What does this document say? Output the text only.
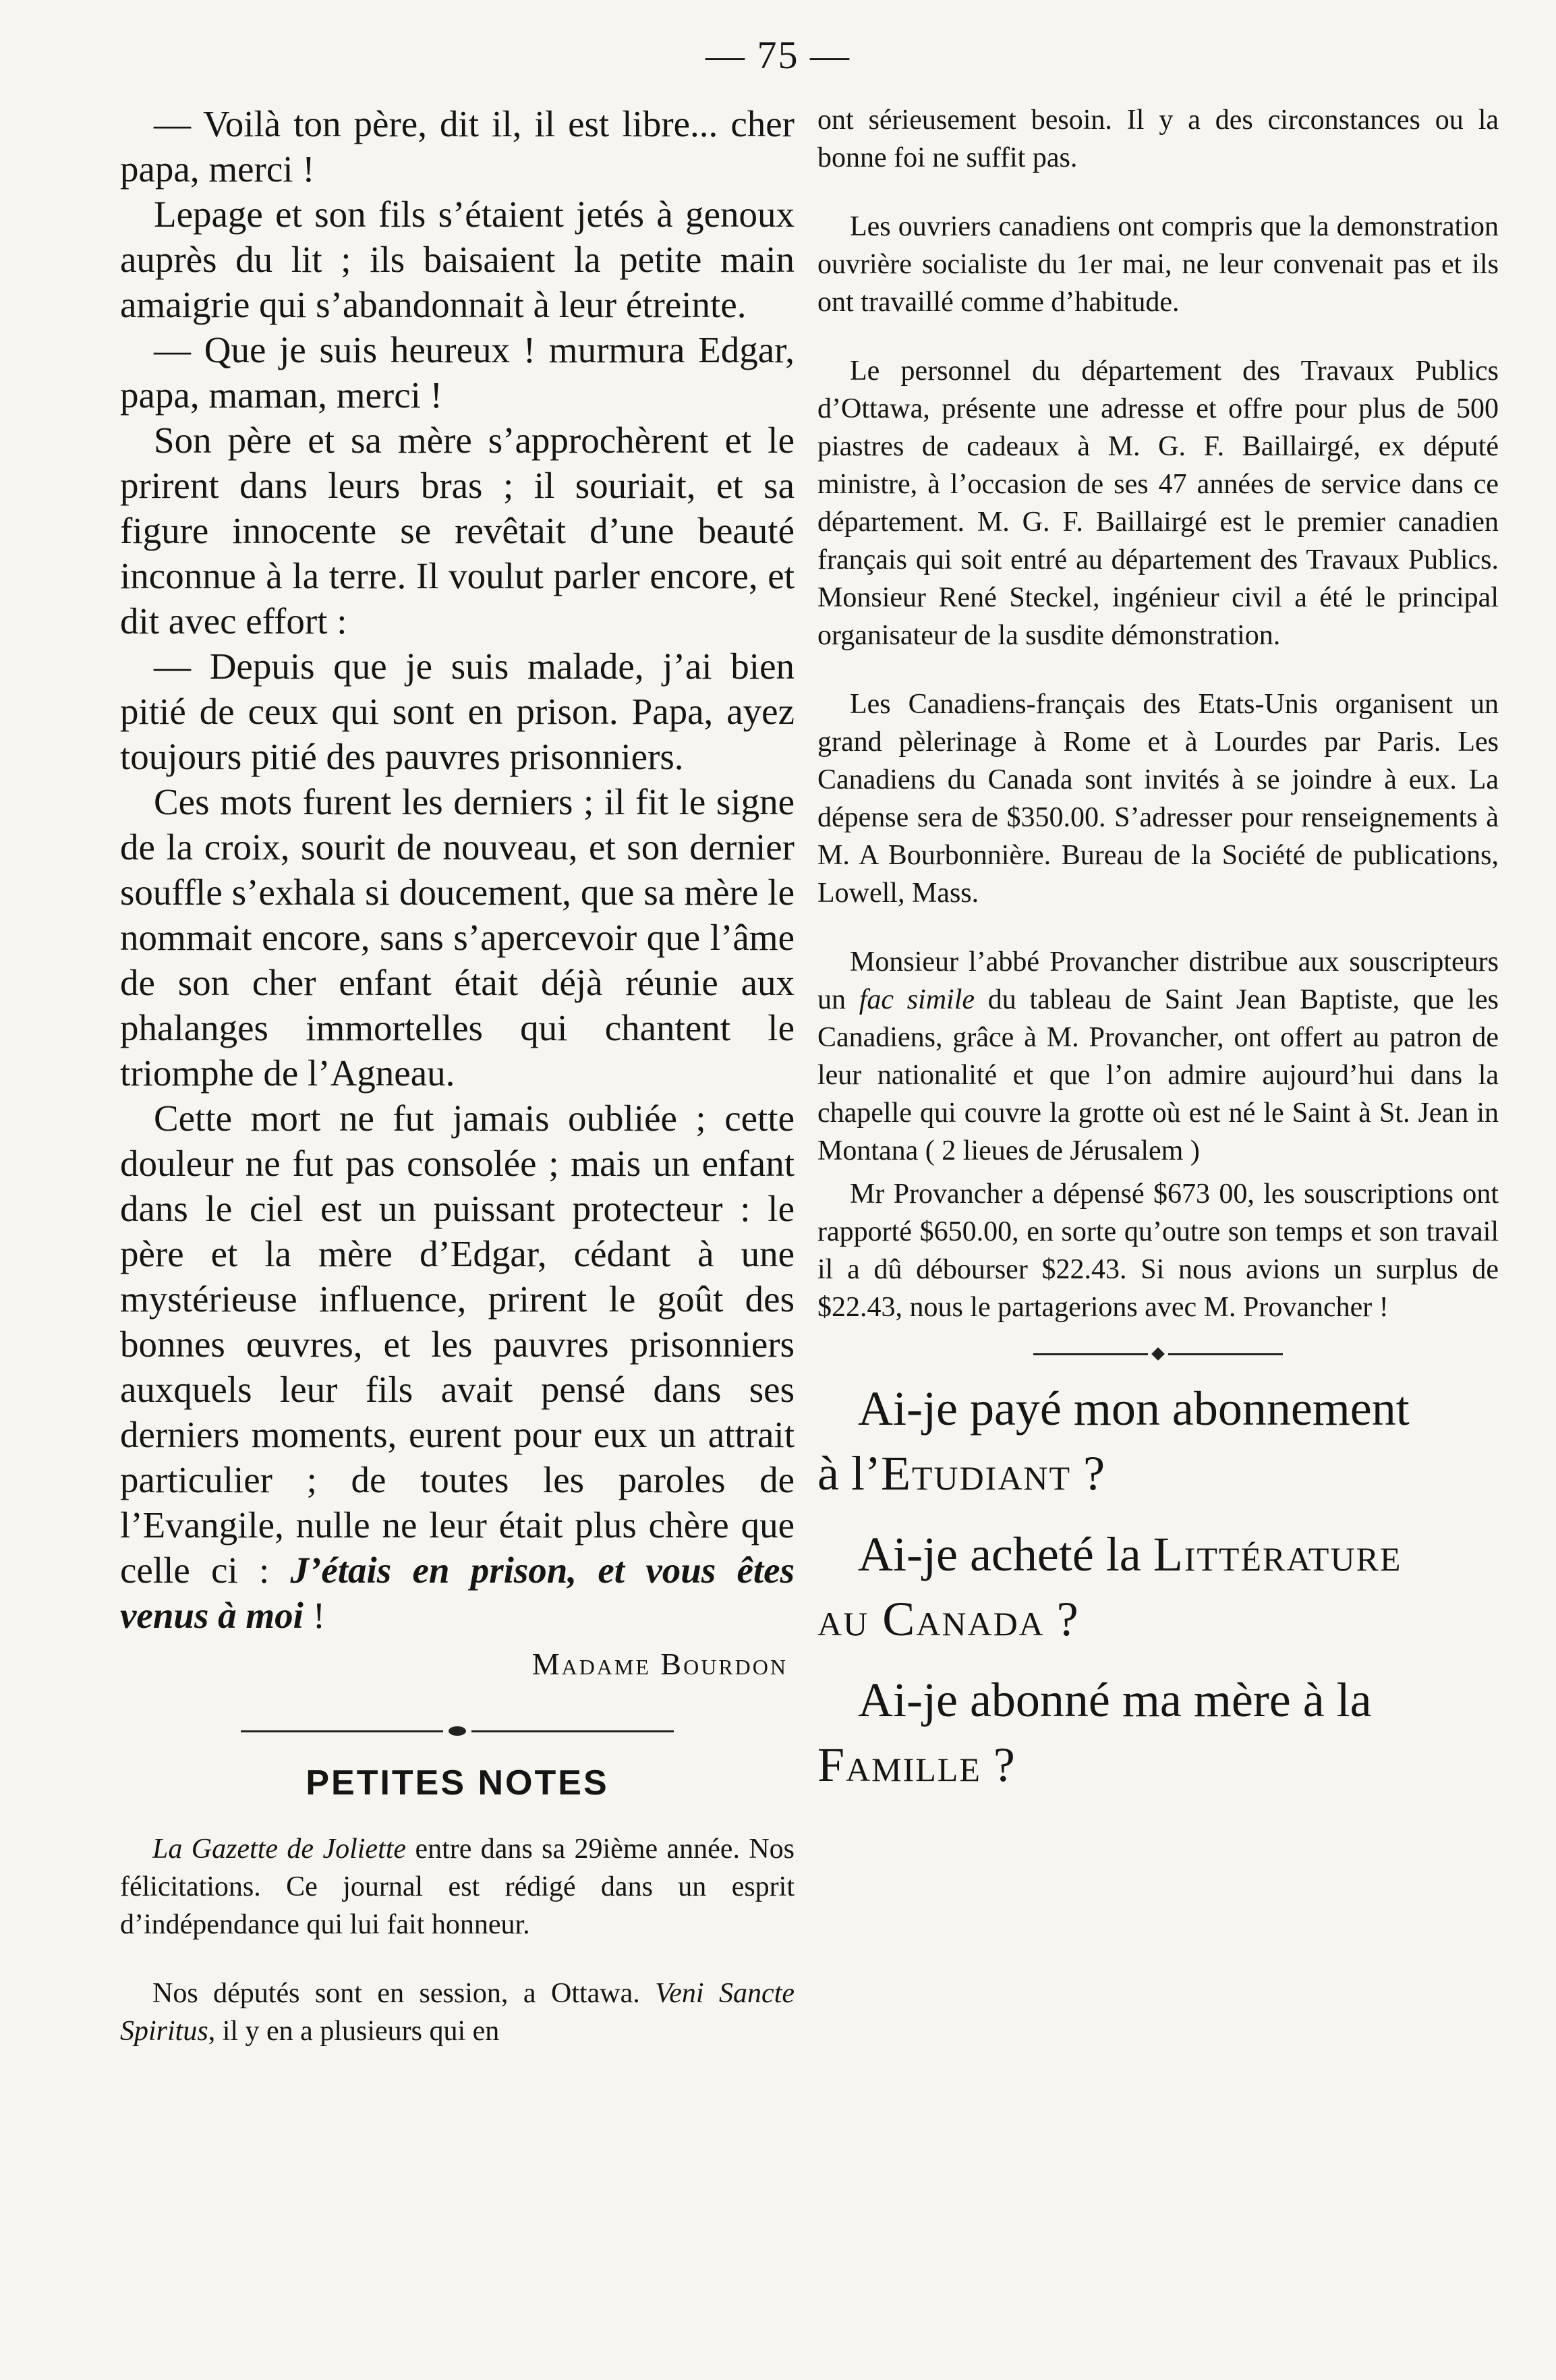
— 75 —

— Voilà ton père, dit il, il est libre... cher papa, merci !

Lepage et son fils s’étaient jetés à genoux auprès du lit ; ils baisaient la petite main amaigrie qui s’abandonnait à leur étreinte.

— Que je suis heureux ! murmura Edgar, papa, maman, merci !

Son père et sa mère s’approchèrent et le prirent dans leurs bras ; il souriait, et sa figure innocente se revêtait d’une beauté inconnue à la terre. Il voulut parler encore, et dit avec effort :

— Depuis que je suis malade, j’ai bien pitié de ceux qui sont en prison. Papa, ayez toujours pitié des pauvres prisonniers.

Ces mots furent les derniers ; il fit le signe de la croix, sourit de nouveau, et son dernier souffle s’exhala si doucement, que sa mère le nommait encore, sans s’apercevoir que l’âme de son cher enfant était déjà réunie aux phalanges immortelles qui chantent le triomphe de l’Agneau.

Cette mort ne fut jamais oubliée ; cette douleur ne fut pas consolée ; mais un enfant dans le ciel est un puissant protecteur : le père et la mère d’Edgar, cédant à une mystérieuse influence, prirent le goût des bonnes œuvres, et les pauvres prisonniers auxquels leur fils avait pensé dans ses derniers moments, eurent pour eux un attrait particulier ; de toutes les paroles de l’Evangile, nulle ne leur était plus chère que celle ci : J’étais en prison, et vous êtes venus à moi !

Madame Bourdon
PETITES NOTES

La Gazette de Joliette entre dans sa 29ième année. Nos félicitations. Ce journal est rédigé dans un esprit d’indépendance qui lui fait honneur.

Nos députés sont en session, a Ottawa. Veni Sancte Spiritus, il y en a plusieurs qui en

ont sérieusement besoin. Il y a des circonstances ou la bonne foi ne suffit pas.

Les ouvriers canadiens ont compris que la demonstration ouvrière socialiste du 1er mai, ne leur convenait pas et ils ont travaillé comme d’habitude.

Le personnel du département des Travaux Publics d’Ottawa, présente une adresse et offre pour plus de 500 piastres de cadeaux à M. G. F. Baillairgé, ex député ministre, à l’occasion de ses 47 années de service dans ce département. M. G. F. Baillairgé est le premier canadien français qui soit entré au département des Travaux Publics. Monsieur René Steckel, ingénieur civil a été le principal organisateur de la susdite démonstration.

Les Canadiens-français des Etats-Unis organisent un grand pèlerinage à Rome et à Lourdes par Paris. Les Canadiens du Canada sont invités à se joindre à eux. La dépense sera de $350.00. S’adresser pour renseignements à M. A Bourbonnière. Bureau de la Société de publications, Lowell, Mass.

Monsieur l’abbé Provancher distribue aux souscripteurs un fac simile du tableau de Saint Jean Baptiste, que les Canadiens, grâce à M. Provancher, ont offert au patron de leur nationalité et que l’on admire aujourd’hui dans la chapelle qui couvre la grotte où est né le Saint à St. Jean in Montana ( 2 lieues de Jérusalem )

Mr Provancher a dépensé $673 00, les souscriptions ont rapporté $650.00, en sorte qu’outre son temps et son travail il a dû débourser $22.43. Si nous avions un surplus de $22.43, nous le partagerions avec M. Provancher !

Ai-je payé mon abonnement
à l’Etudiant ?
Ai-je acheté la Littérature
au Canada ?
Ai-je abonné ma mère à la
Famille ?
